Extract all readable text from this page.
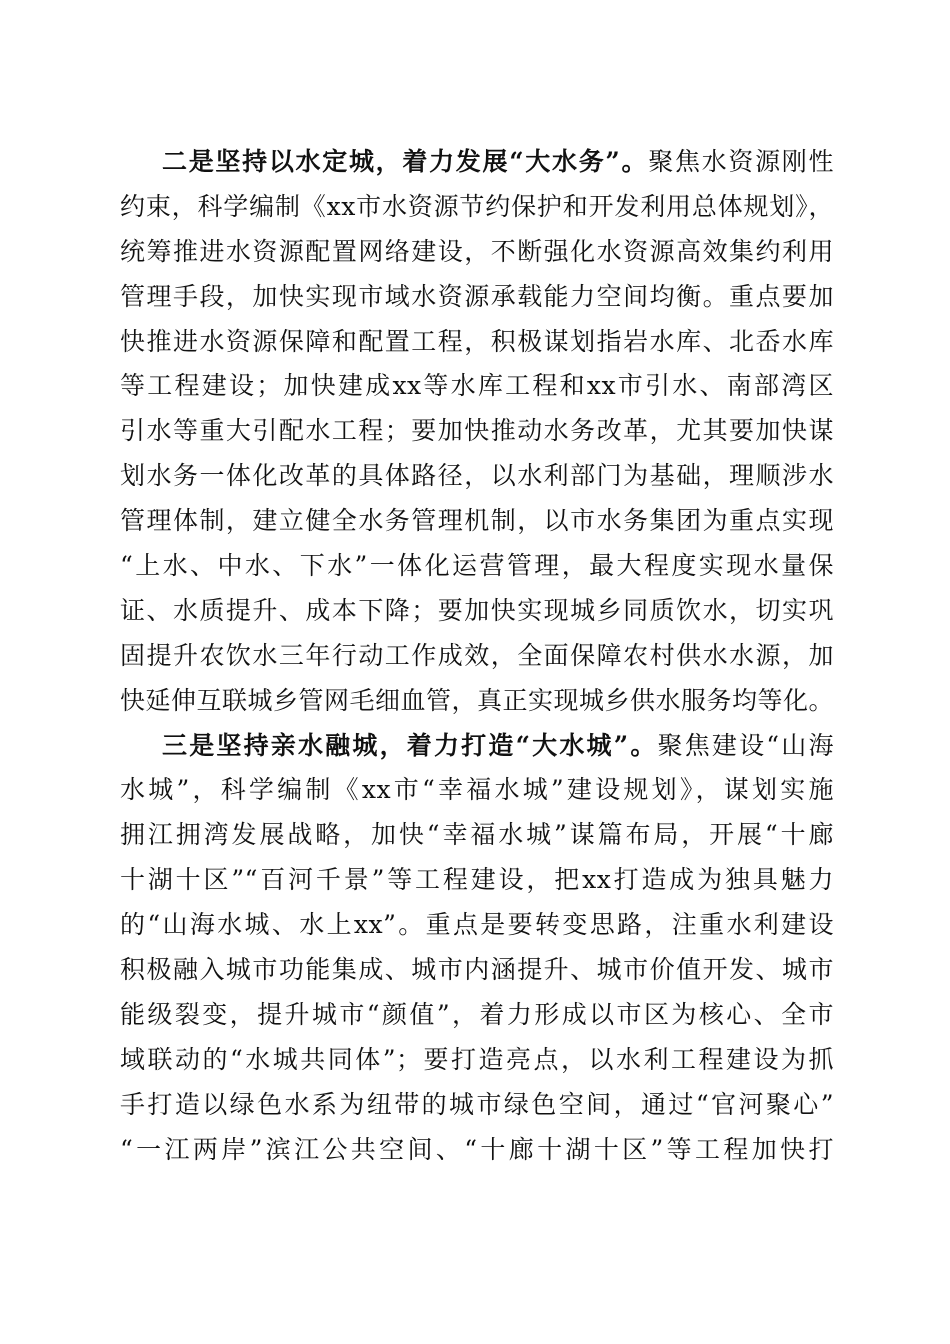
二是坚持以水定城，着力发展“大水务”。聚焦水资源刚性
约束，科学编制《xx市水资源节约保护和开发利用总体规划》，
统筹推进水资源配置网络建设，不断强化水资源高效集约利用
管理手段，加快实现市域水资源承载能力空间均衡。重点要加
快推进水资源保障和配置工程，积极谋划指岩水库、北岙水库
等工程建设；加快建成xx等水库工程和xx市引水、南部湾区
引水等重大引配水工程；要加快推动水务改革，尤其要加快谋
划水务一体化改革的具体路径，以水利部门为基础，理顺涉水
管理体制，建立健全水务管理机制，以市水务集团为重点实现
“上水、中水、下水”一体化运营管理，最大程度实现水量保
证、水质提升、成本下降；要加快实现城乡同质饮水，切实巩
固提升农饮水三年行动工作成效，全面保障农村供水水源，加
快延伸互联城乡管网毛细血管，真正实现城乡供水服务均等化。
三是坚持亲水融城，着力打造“大水城”。聚焦建设“山海
水城”，科学编制《xx市“幸福水城”建设规划》，谋划实施
拥江拥湾发展战略，加快“幸福水城”谋篇布局，开展“十廊
十湖十区”“百河千景”等工程建设，把xx打造成为独具魅力
的“山海水城、水上xx”。重点是要转变思路，注重水利建设
积极融入城市功能集成、城市内涵提升、城市价值开发、城市
能级裂变，提升城市“颜值”，着力形成以市区为核心、全市
域联动的“水城共同体”；要打造亮点，以水利工程建设为抓
手打造以绿色水系为纽带的城市绿色空间，通过“官河聚心”
“一江两岸”滨江公共空间、“十廊十湖十区”等工程加快打
